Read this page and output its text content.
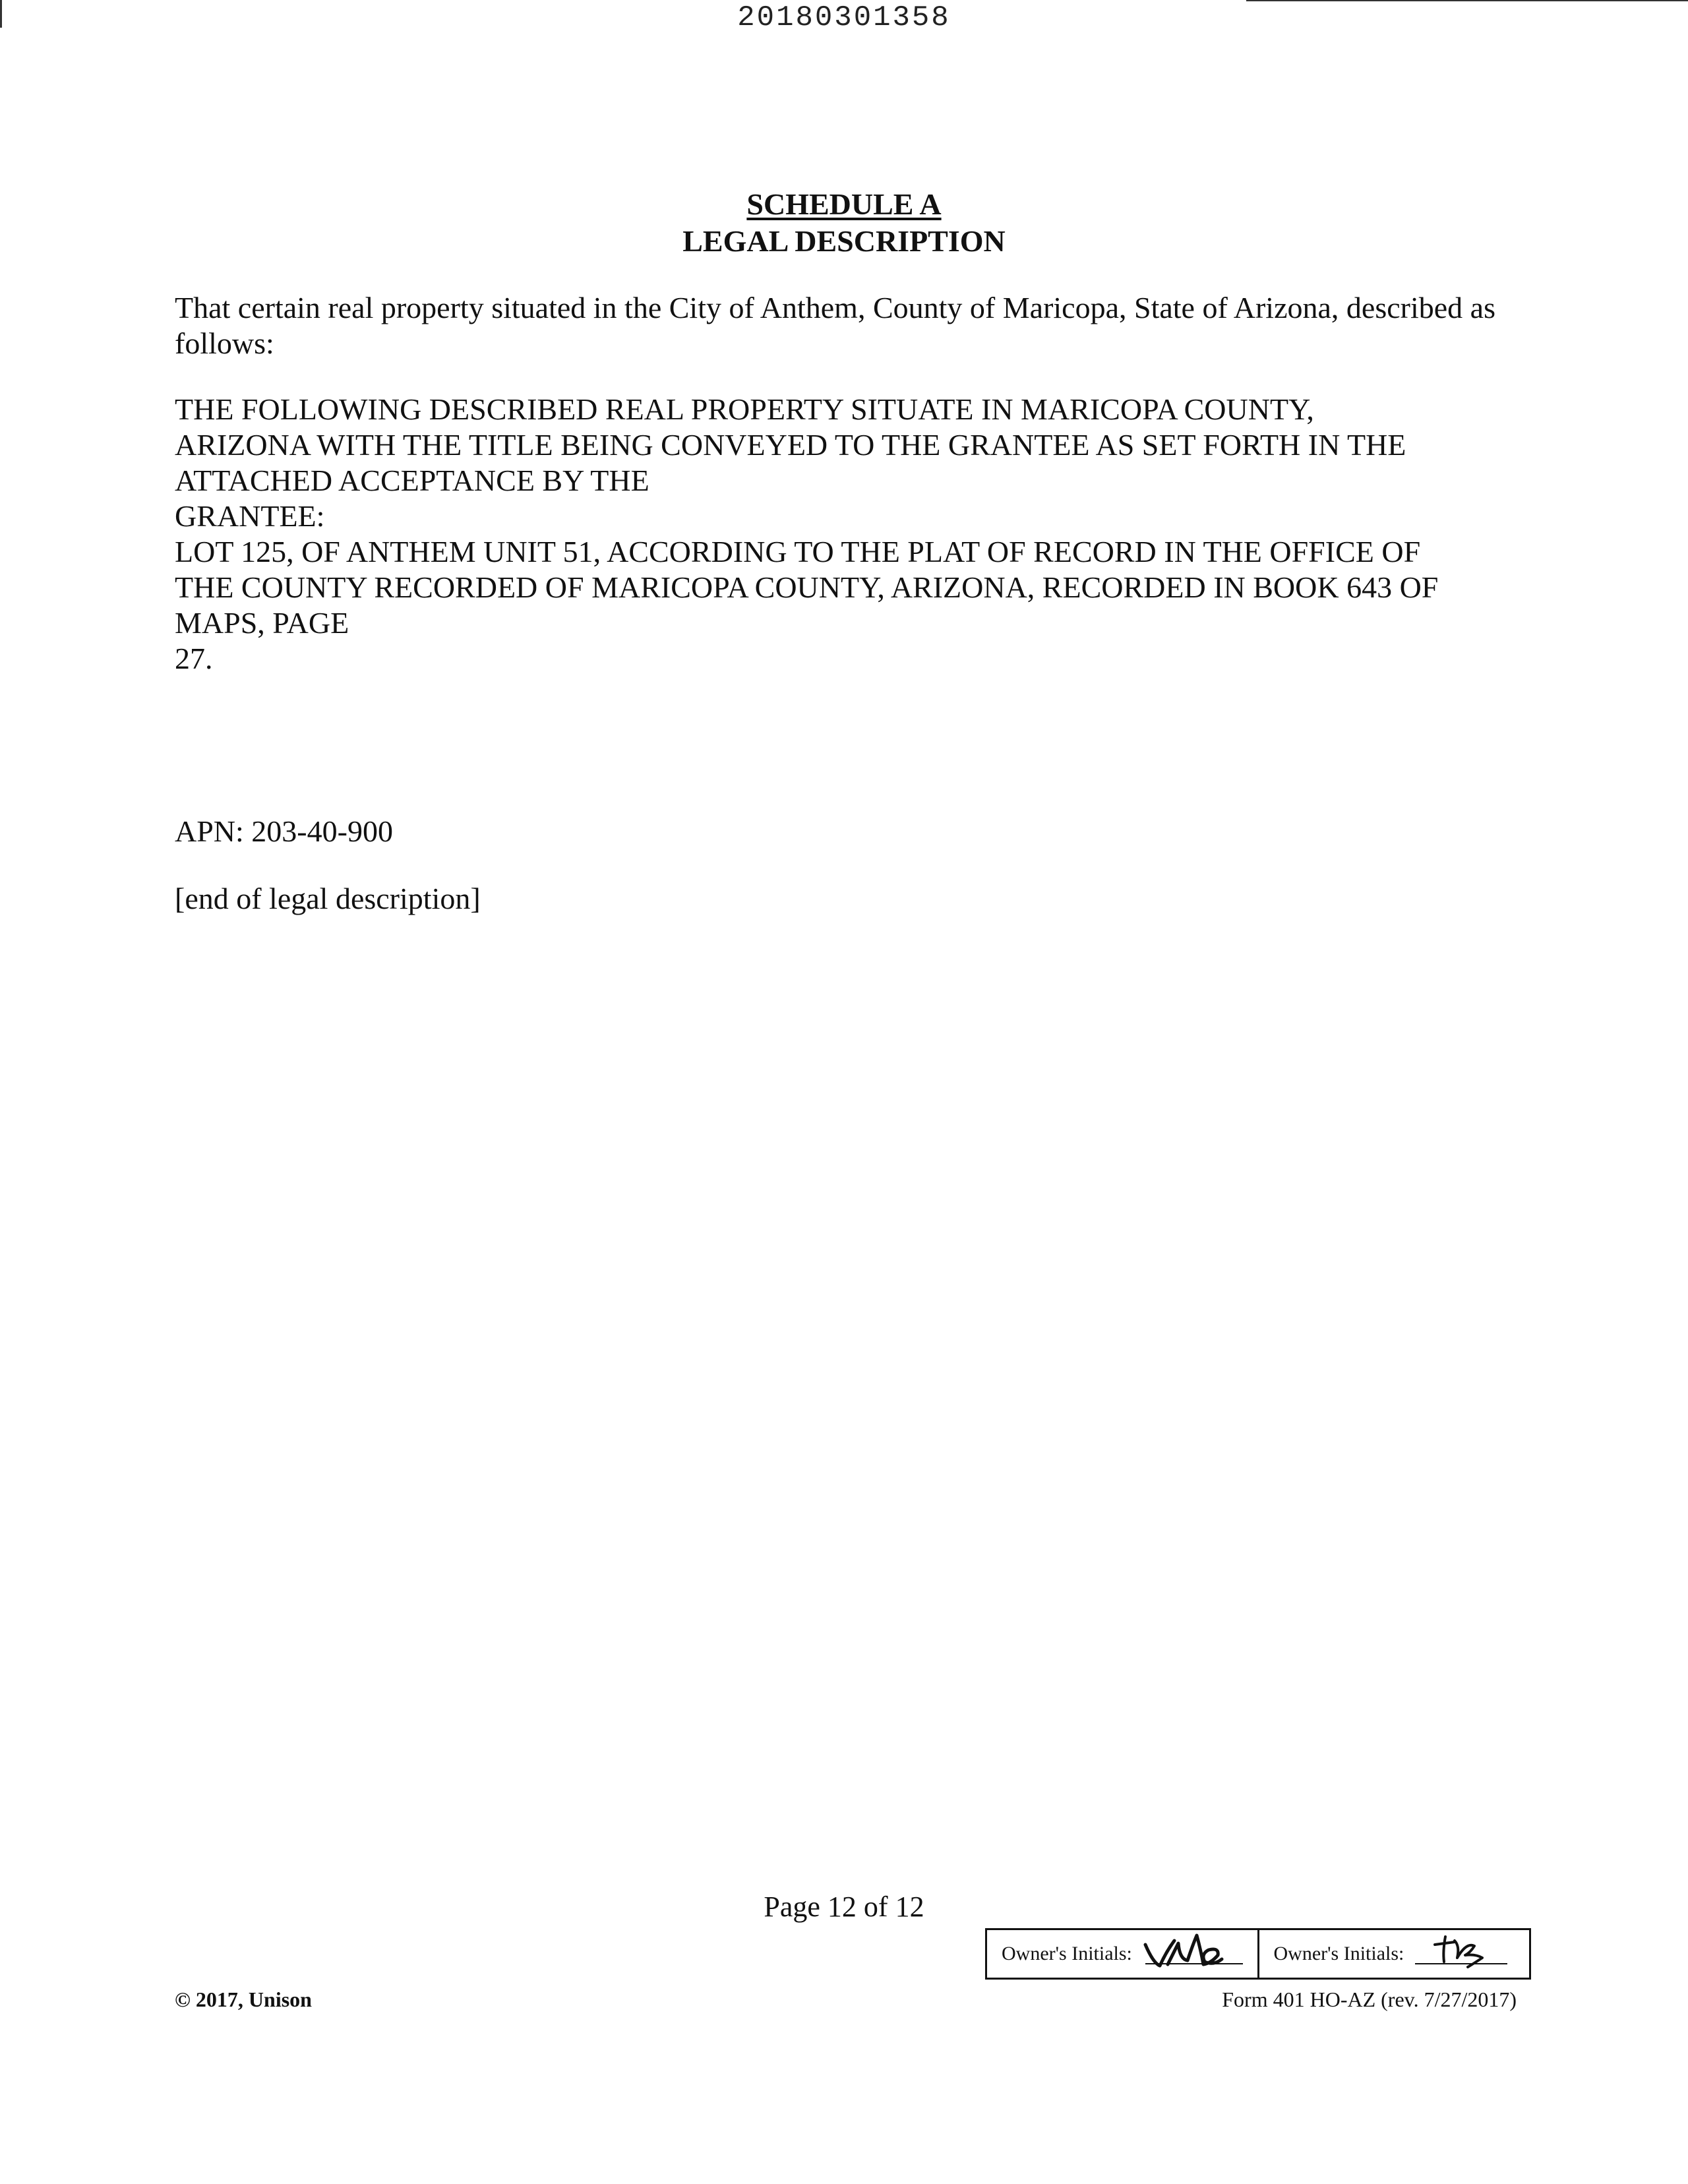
20180301358
SCHEDULE A
LEGAL DESCRIPTION
That certain real property situated in the City of Anthem, County of Maricopa, State of Arizona, described as follows:
THE FOLLOWING DESCRIBED REAL PROPERTY SITUATE IN MARICOPA COUNTY,
ARIZONA WITH THE TITLE BEING CONVEYED TO THE GRANTEE AS SET FORTH IN THE
ATTACHED ACCEPTANCE BY THE
GRANTEE:
LOT 125, OF ANTHEM UNIT 51, ACCORDING TO THE PLAT OF RECORD IN THE OFFICE OF
THE COUNTY RECORDED OF MARICOPA COUNTY, ARIZONA, RECORDED IN BOOK 643 OF
MAPS, PAGE
27.
APN: 203-40-900
[end of legal description]
Page 12 of 12
Owner's Initials:	Owner's Initials:
© 2017, Unison	Form 401 HO-AZ (rev. 7/27/2017)
